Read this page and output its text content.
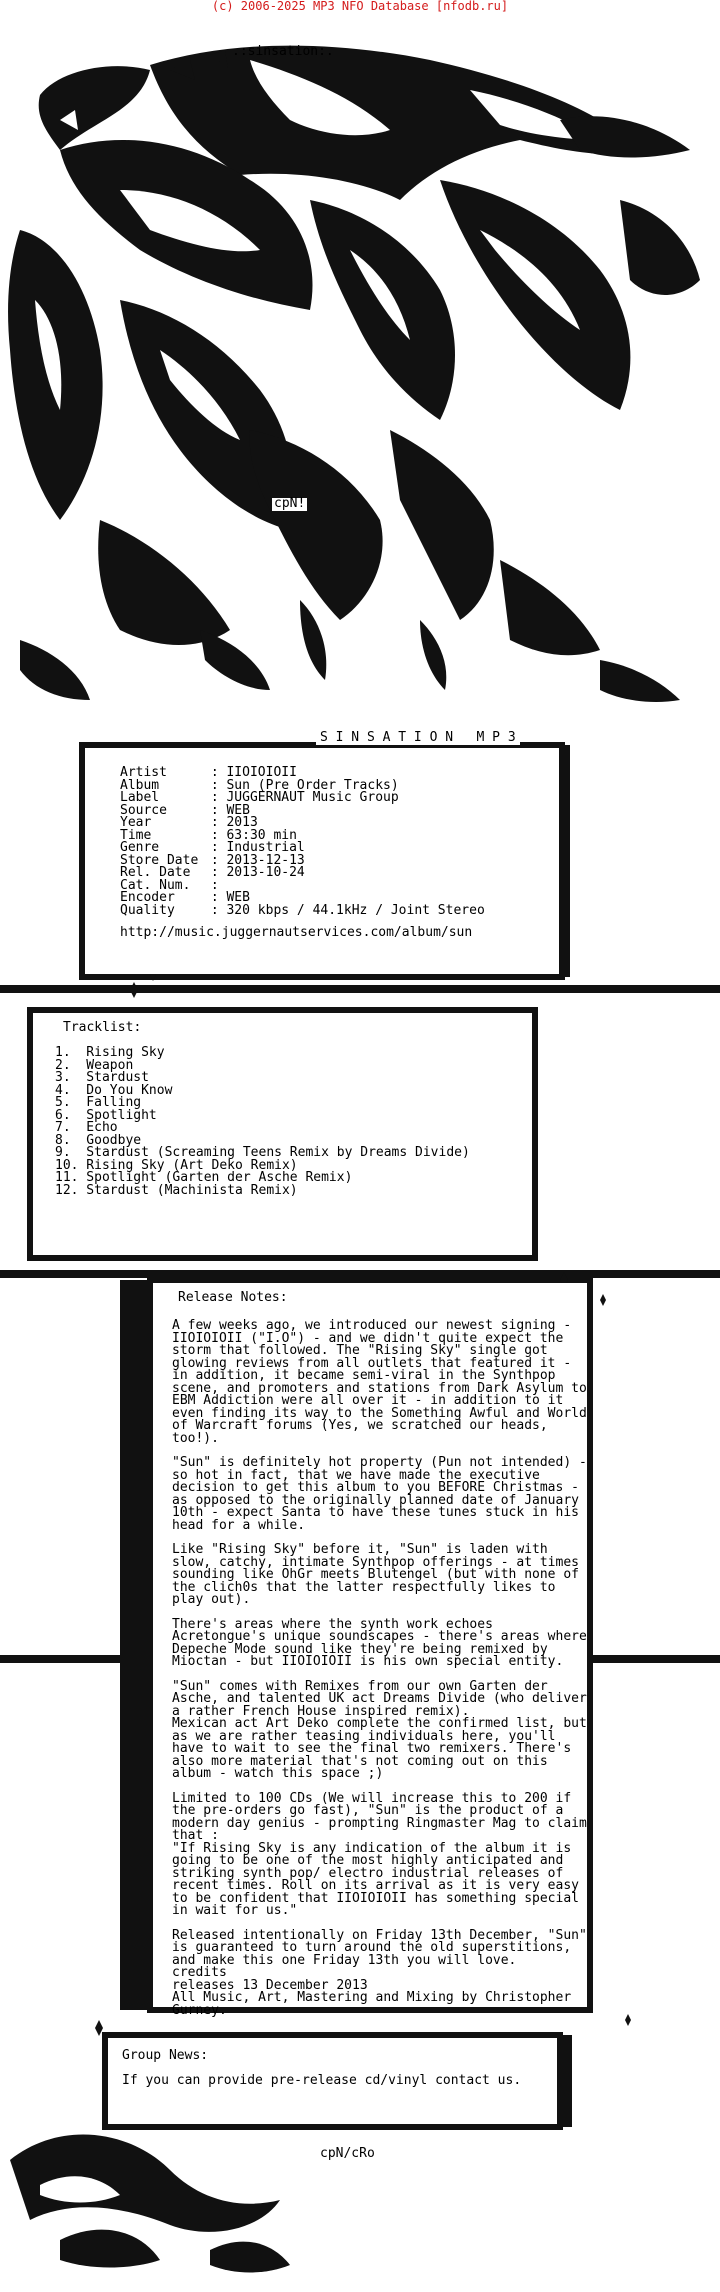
(c) 2006-2025 MP3 NFO Database [nfodb.ru]
.:sinsation:.
cpN!
S I N S A T I O N   M P 3
Artist	: IIOIOIOII
Album	: Sun (Pre Order Tracks)
Label	: JUGGERNAUT Music Group
Source	: WEB
Year	: 2013
Time	: 63:30 min
Genre	: Industrial
Store Date : 2013-12-13
Rel. Date : 2013-10-24
Cat. Num. :
Encoder : WEB
Quality : 320 kbps / 44.1kHz / Joint Stereo
http://music.juggernautservices.com/album/sun
Tracklist:
1.  Rising Sky
2.  Weapon
3.  Stardust
4.  Do You Know
5.  Falling
6.  Spotlight
7.  Echo
8.  Goodbye
9.  Stardust (Screaming Teens Remix by Dreams Divide)
10. Rising Sky (Art Deko Remix)
11. Spotlight (Garten der Asche Remix)
12. Stardust (Machinista Remix)
Release Notes:
A few weeks ago, we introduced our newest signing -
IIOIOIOII ("I.O") - and we didn't quite expect the
storm that followed. The "Rising Sky" single got
glowing reviews from all outlets that featured it -
in addition, it became semi-viral in the Synthpop
scene, and promoters and stations from Dark Asylum to
EBM Addiction were all over it - in addition to it
even finding its way to the Something Awful and World
of Warcraft forums (Yes, we scratched our heads,
too!).
"Sun" is definitely hot property (Pun not intended) -
so hot in fact, that we have made the executive
decision to get this album to you BEFORE Christmas -
as opposed to the originally planned date of January
10th - expect Santa to have these tunes stuck in his
head for a while.
Like "Rising Sky" before it, "Sun" is laden with
slow, catchy, intimate Synthpop offerings - at times
sounding like OhGr meets Blutengel (but with none of
the clich0s that the latter respectfully likes to
play out).
There's areas where the synth work echoes
Acretongue's unique soundscapes - there's areas where
Depeche Mode sound like they're being remixed by
Mioctan - but IIOIOIOII is his own special entity.
"Sun" comes with Remixes from our own Garten der
Asche, and talented UK act Dreams Divide (who deliver
a rather French House inspired remix).
Mexican act Art Deko complete the confirmed list, but
as we are rather teasing individuals here, you'll
have to wait to see the final two remixers. There's
also more material that's not coming out on this
album - watch this space ;)
Limited to 100 CDs (We will increase this to 200 if
the pre-orders go fast), "Sun" is the product of a
modern day genius - prompting Ringmaster Mag to claim
that :
"If Rising Sky is any indication of the album it is
going to be one of the most highly anticipated and
striking synth pop/ electro industrial releases of
recent times. Roll on its arrival as it is very easy
to be confident that IIOIOIOII has something special
in wait for us."
Released intentionally on Friday 13th December, "Sun"
is guaranteed to turn around the old superstitions,
and make this one Friday 13th you will love.
credits
releases 13 December 2013
All Music, Art, Mastering and Mixing by Christopher
Gurney.
Group News:
If you can provide pre-release cd/vinyl contact us.
cpN/cRo
